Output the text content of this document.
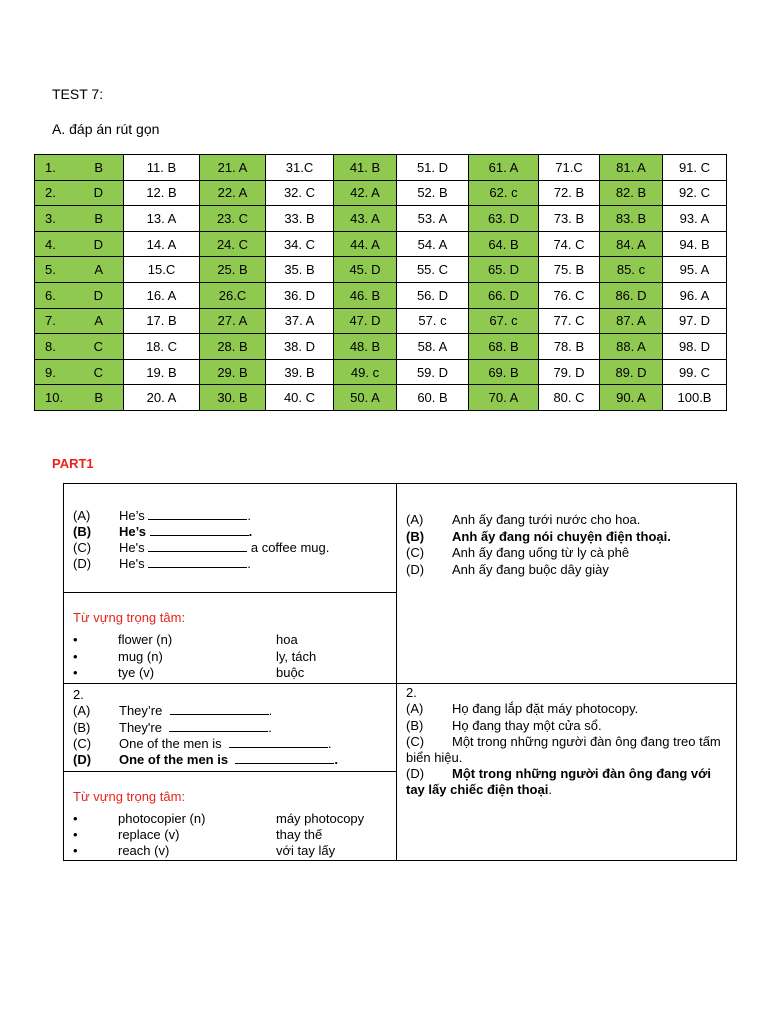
TEST 7:
A. đáp án rút gọn
1. B	11. B	21. A	31.C	41. B	51. D	61. A	71.C	81. A	91. C

2. D	12. B	22. A	32. C	42. A	52. B	62. c	72. B	82. B	92. C

3. B	13. A	23. C	33. B	43. A	53. A	63. D	73. B	83. B	93. A

4. D	14. A	24. C	34. C	44. A	54. A	64. B	74. C	84. A	94. B

5. A	15.C	25. B	35. B	45. D	55. C	65. D	75. B	85. c	95. A

6. D	16. A	26.C	36. D	46. B	56. D	66. D	76. C	86. D	96. A

7. A	17. B	27. A	37. A	47. D	57. c	67. c	77. C	87. A	97. D

8. C	18. C	28. B	38. D	48. B	58. A	68. B	78. B	88. A	98. D

9. C	19. B	29. B	39. B	49. c	59. D	69. B	79. D	89. D	99. C

10. B	20. A	30. B	40. C	50. A	60. B	70. A	80. C	90. A	100.B
PART1
(A) He’s	.
(B) He’s	.
(C) He's	a coffee mug.
(D) He's	.
Từ vựng trọng tâm:
•	flower (n)	hoa
•	mug (n)	ly, tách
•	tye (v)	buộc
(A) Anh ấy đang tưới nước cho hoa.
(B) Anh ấy đang nói chuyện điện thoại.
(C) Anh ấy đang uống từ ly cà phê
(D) Anh ấy đang buộc dây giày
2.
(A) They’re	.
(B) They're	.
(C) One of the men is	.
(D) One of the men is	.
Từ vựng trọng tâm:
•	photocopier (n)	máy photocopy
•	replace (v)	thay thế
•	reach (v)	với tay lấy
2.
(A) Họ đang lắp đặt máy photocopy.
(B) Họ đang thay một cửa sổ.
(C) Một trong những người đàn ông đang treo tấm biển hiệu.
(D) Một trong những người đàn ông đang với tay lấy chiếc điện thoại.
